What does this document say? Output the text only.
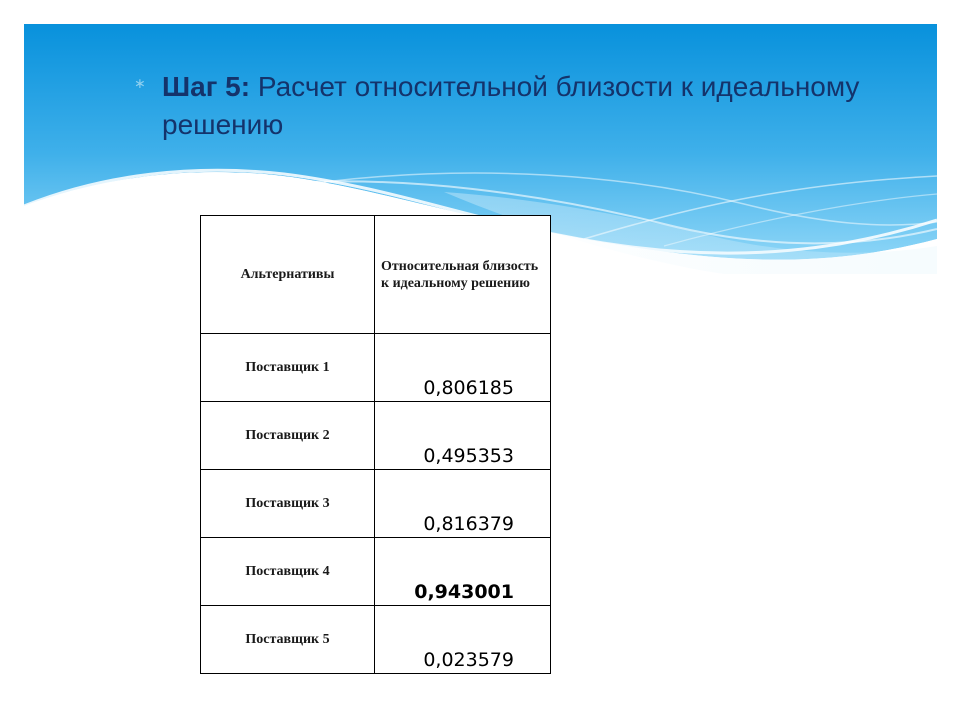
∗ Шаг 5: Расчет относительной близости к идеальному решению
Альтернативы	Относительная близость к идеальному решению
Поставщик 1	0,806185
Поставщик 2	0,495353
Поставщик 3	0,816379
Поставщик 4	0,943001
Поставщик 5	0,023579
